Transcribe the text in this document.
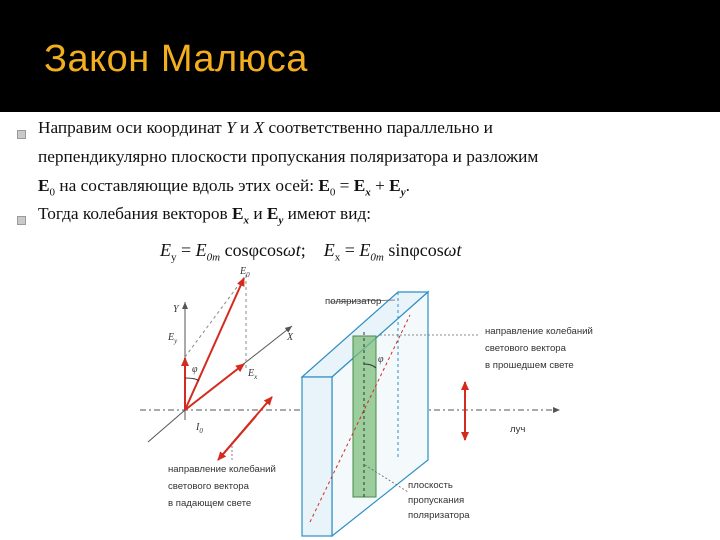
Закон Малюса
Направим оси координат Y и X соответственно параллельно и
перпендикулярно плоскости пропускания поляризатора и разложим
$E_0$ на составляющие вдоль этих осей: $E_0 = E_x + E_y$.
Тогда колебания векторов $E_x$ и $E_y$ имеют вид:
$E_y = E_{0m}$ cosφcosωt; $E_x = E_{0m}$ sinφcosωt
поляризатор
направление колебаний
светового вектора
в прошедшем свете
направление колебаний
светового вектора
в падающем свете
плоскость
пропускания
поляризатора
луч
Y
X
$E_0$
$E_y$
$E_x$
φ
$I_0$
φ
